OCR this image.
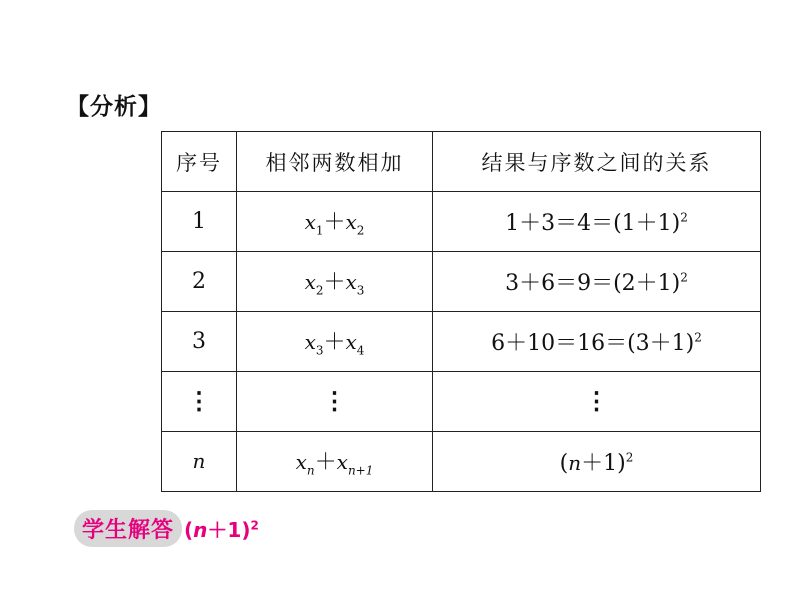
【分析】
序号	相邻两数相加	结果与序数之间的关系
1	$x_1+x_2$	$1+3=4=(1+1)^2$
2	$x_2+x_3$	$3+6=9=(2+1)^2$
3	$x_3+x_4$	$6+10=16=(3+1)^2$
⋮	⋮	⋮
n	$x_n+x_{n+1}$	$(n+1)^2$
学生解答 $(n+1)^2$
